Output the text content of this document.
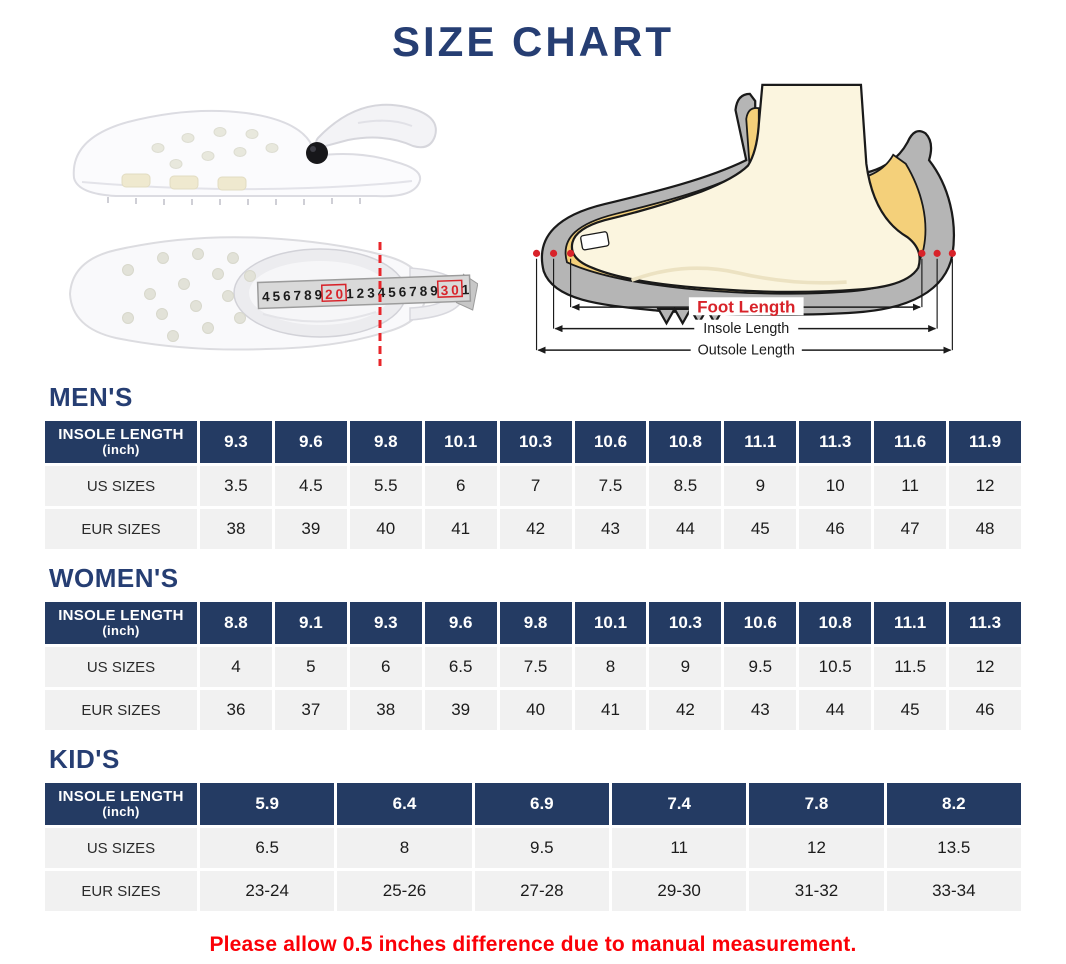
SIZE CHART
45678920123456789301
Foot Length
Insole Length
Outsole Length
MEN'S
INSOLE LENGTH
(inch)	9.3	9.6	9.8	10.1	10.3	10.6	10.8	11.1	11.3	11.6	11.9
US SIZES	3.5	4.5	5.5	6	7	7.5	8.5	9	10	11	12
EUR SIZES	38	39	40	41	42	43	44	45	46	47	48
WOMEN'S
INSOLE LENGTH
(inch)	8.8	9.1	9.3	9.6	9.8	10.1	10.3	10.6	10.8	11.1	11.3
US SIZES	4	5	6	6.5	7.5	8	9	9.5	10.5	11.5	12
EUR SIZES	36	37	38	39	40	41	42	43	44	45	46
KID'S
INSOLE LENGTH
(inch)	5.9	6.4	6.9	7.4	7.8	8.2
US SIZES	6.5	8	9.5	11	12	13.5
EUR SIZES	23-24	25-26	27-28	29-30	31-32	33-34
Please allow 0.5 inches difference due to manual measurement.
